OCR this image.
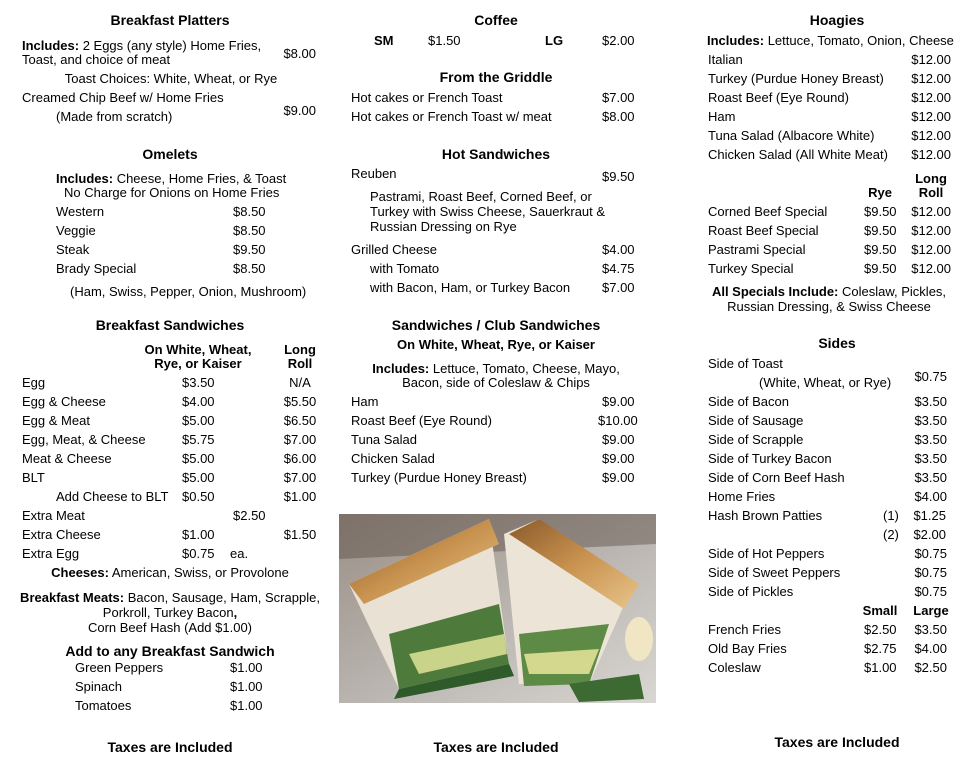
Breakfast Platters
Includes: 2 Eggs (any style) Home Fries,
Toast, and choice of meat	$8.00
Toast Choices: White, Wheat, or Rye
Creamed Chip Beef w/ Home Fries
(Made from scratch)	$9.00
Omelets
Includes: Cheese, Home Fries, & Toast
No Charge for Onions on Home Fries
Western	$8.50
Veggie	$8.50
Steak	$9.50
Brady Special	$8.50
(Ham, Swiss, Pepper, Onion, Mushroom)
Breakfast Sandwiches
On White, Wheat,
Rye, or Kaiser
Long
Roll
Egg	$3.50	N/A
Egg & Cheese	$4.00	$5.50
Egg & Meat	$5.00	$6.50
Egg, Meat, & Cheese	$5.75	$7.00
Meat & Cheese	$5.00	$6.00
BLT	$5.00	$7.00
Add Cheese to BLT $0.50	$1.00
Extra Meat	$2.50
Extra Cheese	$1.00	$1.50
Extra Egg	$0.75 ea.
Cheeses: American, Swiss, or Provolone
Breakfast Meats: Bacon, Sausage, Ham, Scrapple,
Porkroll, Turkey Bacon,
Corn Beef Hash (Add $1.00)
Add to any Breakfast Sandwich
Green Peppers	$1.00
Spinach	$1.00
Tomatoes	$1.00
Taxes are Included
Coffee
SM	$1.50	LG	$2.00
From the Griddle
Hot cakes or French Toast	$7.00
Hot cakes or French Toast w/ meat	$8.00
Hot Sandwiches
Reuben	$9.50
Pastrami, Roast Beef, Corned Beef, or
Turkey with Swiss Cheese, Sauerkraut &
Russian Dressing on Rye
Grilled Cheese	$4.00
with Tomato	$4.75
with Bacon, Ham, or Turkey Bacon $7.00
Sandwiches / Club Sandwiches
On White, Wheat, Rye, or Kaiser
Includes: Lettuce, Tomato, Cheese, Mayo,
Bacon, side of Coleslaw & Chips
Ham	$9.00
Roast Beef (Eye Round)	$10.00
Tuna Salad	$9.00
Chicken Salad	$9.00
Turkey (Purdue Honey Breast)	$9.00
Taxes are Included
Hoagies
Includes: Lettuce, Tomato, Onion, Cheese
Italian	$12.00
Turkey (Purdue Honey Breast) $12.00
Roast Beef (Eye Round)	$12.00
Ham	$12.00
Tuna Salad (Albacore White)	$12.00
Chicken Salad (All White Meat) $12.00
Rye
Long
Roll
Corned Beef Special	$9.50 $12.00
Roast Beef Special	$9.50 $12.00
Pastrami Special	$9.50 $12.00
Turkey Special	$9.50 $12.00
All Specials Include: Coleslaw, Pickles,
Russian Dressing, & Swiss Cheese
Sides
Side of Toast
(White, Wheat, or Rye) $0.75
Side of Bacon	$3.50
Side of Sausage	$3.50
Side of Scrapple	$3.50
Side of Turkey Bacon	$3.50
Side of Corn Beef Hash	$3.50
Home Fries	$4.00
Hash Brown Patties	(1) $1.25
(2) $2.00
Side of Hot Peppers	$0.75
Side of Sweet Peppers	$0.75
Side of Pickles	$0.75
Small Large
French Fries	$2.50 $3.50
Old Bay Fries	$2.75 $4.00
Coleslaw	$1.00 $2.50
Taxes are Included
